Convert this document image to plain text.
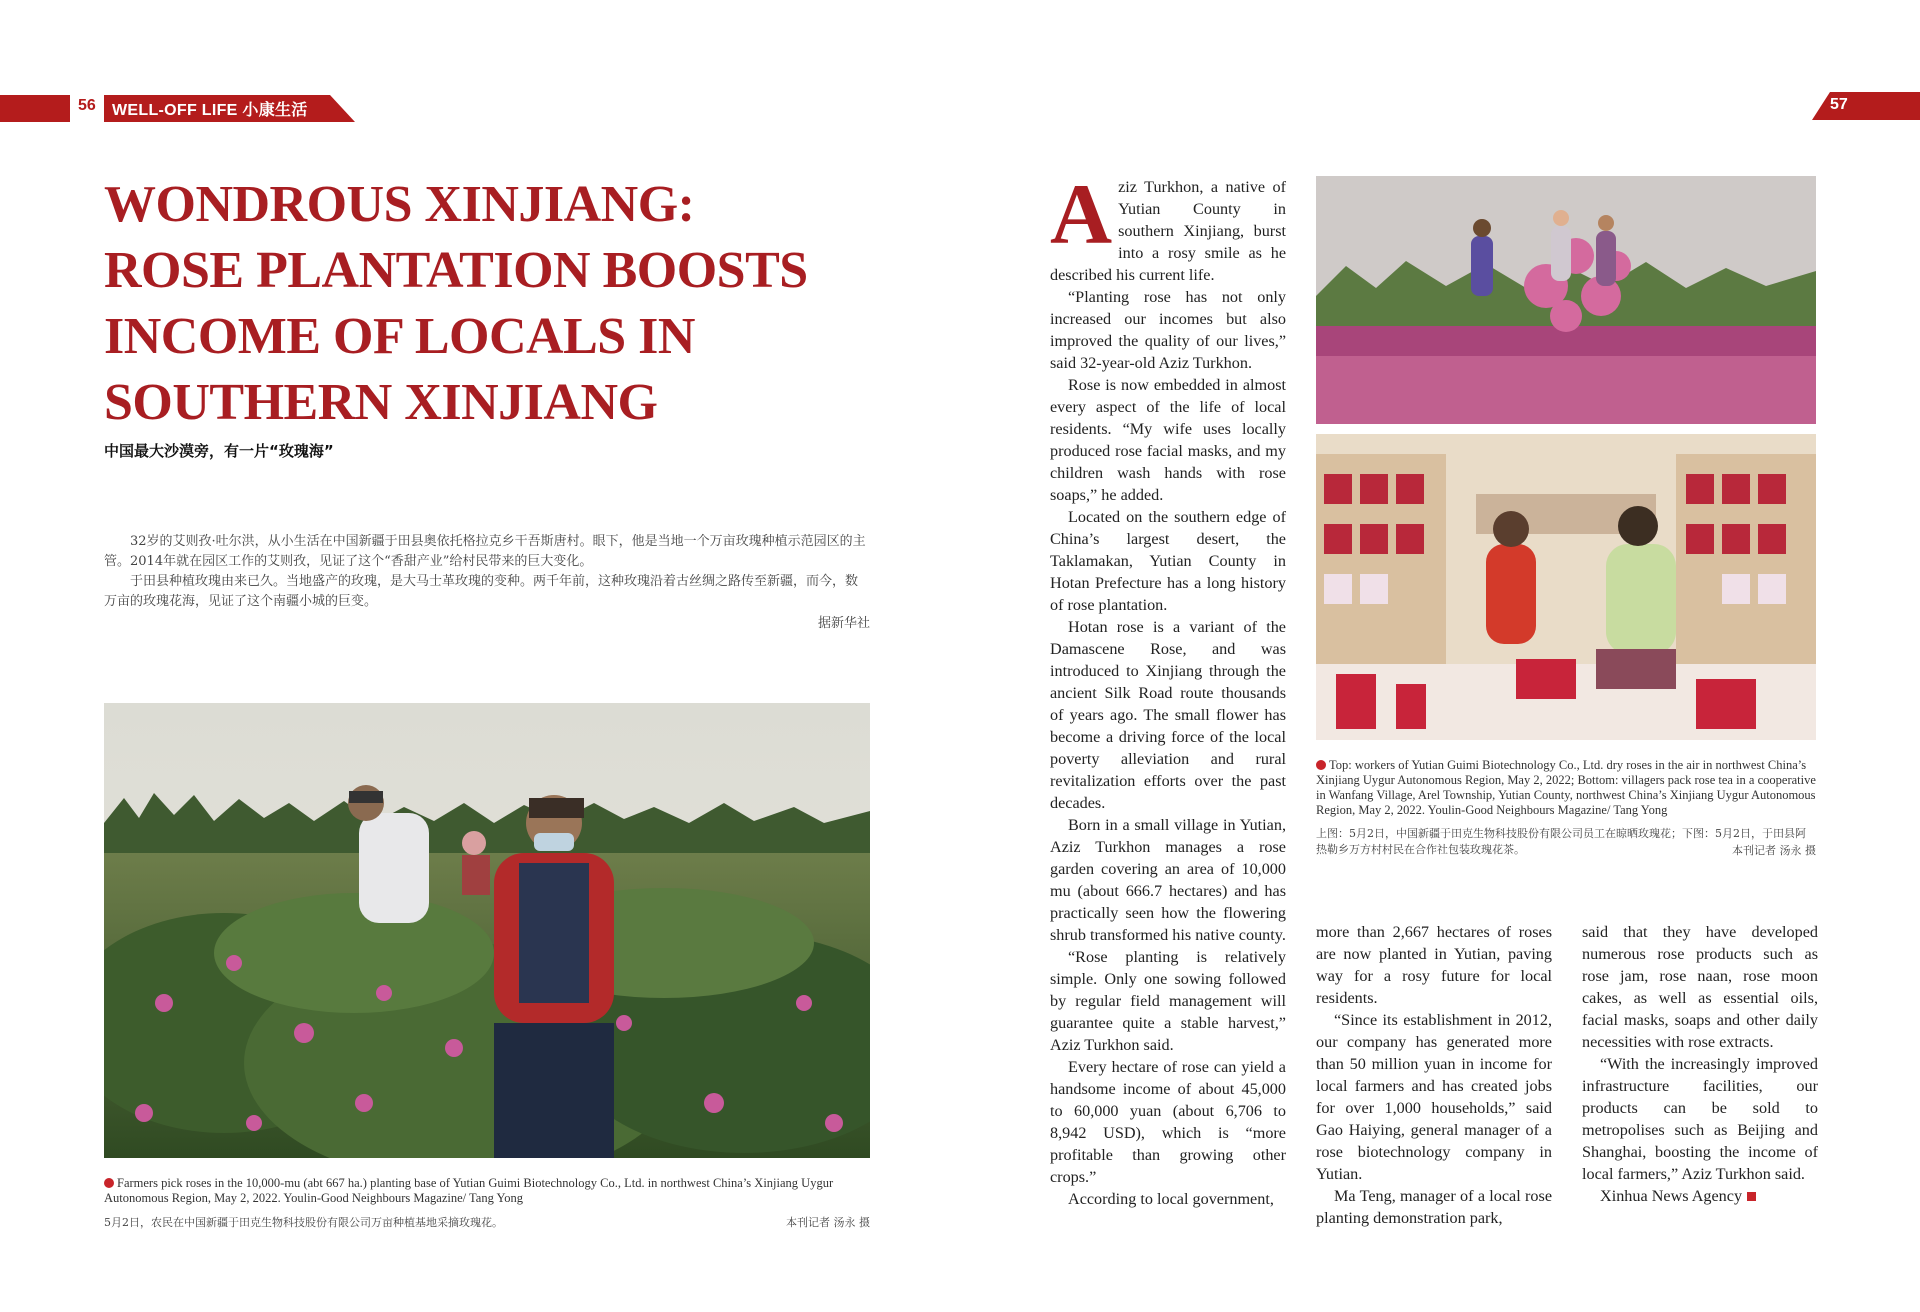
56 WELL-OFF LIFE 小康生活	57
WONDROUS XINJIANG:
ROSE PLANTATION BOOSTS
INCOME OF LOCALS IN
SOUTHERN XINJIANG
中国最大沙漠旁，有一片“玫瑰海”
32岁的艾则孜·吐尔洪，从小生活在中国新疆于田县奥依托格拉克乡干吾斯唐村。眼下，他是当地一个万亩玫瑰种植示范园区的主管。2014年就在园区工作的艾则孜，见证了这个“香甜产业”给村民带来的巨大变化。
于田县种植玫瑰由来已久。当地盛产的玫瑰，是大马士革玫瑰的变种。两千年前，这种玫瑰沿着古丝绸之路传至新疆，而今，数万亩的玫瑰花海，见证了这个南疆小城的巨变。
据新华社
Farmers pick roses in the 10,000-mu (abt 667 ha.) planting base of Yutian Guimi Biotechnology Co., Ltd. in northwest China’s Xinjiang Uygur Autonomous Region, May 2, 2022. Youlin-Good Neighbours Magazine/ Tang Yong
5月2日，农民在中国新疆于田克生物科技股份有限公司万亩种植基地采摘玫瑰花。	本刊记者 汤永 摄

Aziz Turkhon, a native of Yutian County in southern Xinjiang, burst into a rosy smile as he described his current life.

“Planting rose has not only increased our incomes but also improved the quality of our lives,” said 32-year-old Aziz Turkhon.

Rose is now embedded in almost every aspect of the life of local residents. “My wife uses locally produced rose facial masks, and my children wash hands with rose soaps,” he added.

Located on the southern edge of China’s largest desert, the Taklamakan, Yutian County in Hotan Prefecture has a long history of rose plantation.

Hotan rose is a variant of the Damascene Rose, and was introduced to Xinjiang through the ancient Silk Road route thousands of years ago. The small flower has become a driving force of the local poverty alleviation and rural revitalization efforts over the past decades.

Born in a small village in Yutian, Aziz Turkhon manages a rose garden covering an area of 10,000 mu (about 666.7 hectares) and has practically seen how the flowering shrub transformed his native county.

“Rose planting is relatively simple. Only one sowing followed by regular field management will guarantee quite a stable harvest,” Aziz Turkhon said.

Every hectare of rose can yield a handsome income of about 45,000 to 60,000 yuan (about 6,706 to 8,942 USD), which is “more profitable than growing other crops.”

According to local government,

Top: workers of Yutian Guimi Biotechnology Co., Ltd. dry roses in the air in northwest China’s Xinjiang Uygur Autonomous Region, May 2, 2022; Bottom: villagers pack rose tea in a cooperative in Wanfang Village, Arel Township, Yutian County, northwest China’s Xinjiang Uygur Autonomous Region, May 2, 2022. Youlin-Good Neighbours Magazine/ Tang Yong
上图：5月2日，中国新疆于田克生物科技股份有限公司员工在晾晒玫瑰花；下图：5月2日，于田县阿热勒乡万方村村民在合作社包装玫瑰花茶。	本刊记者 汤永 摄

more than 2,667 hectares of roses are now planted in Yutian, paving way for a rosy future for local residents.

“Since its establishment in 2012, our company has generated more than 50 million yuan in income for local farmers and has created jobs for over 1,000 households,” said Gao Haiying, general manager of a rose biotechnology company in Yutian.

Ma Teng, manager of a local rose planting demonstration park,

said that they have developed numerous rose products such as rose jam, rose naan, rose moon cakes, as well as essential oils, facial masks, soaps and other daily necessities with rose extracts.

“With the increasingly improved infrastructure facilities, our products can be sold to metropolises such as Beijing and Shanghai, boosting the income of local farmers,” Aziz Turkhon said.

Xinhua News Agency
